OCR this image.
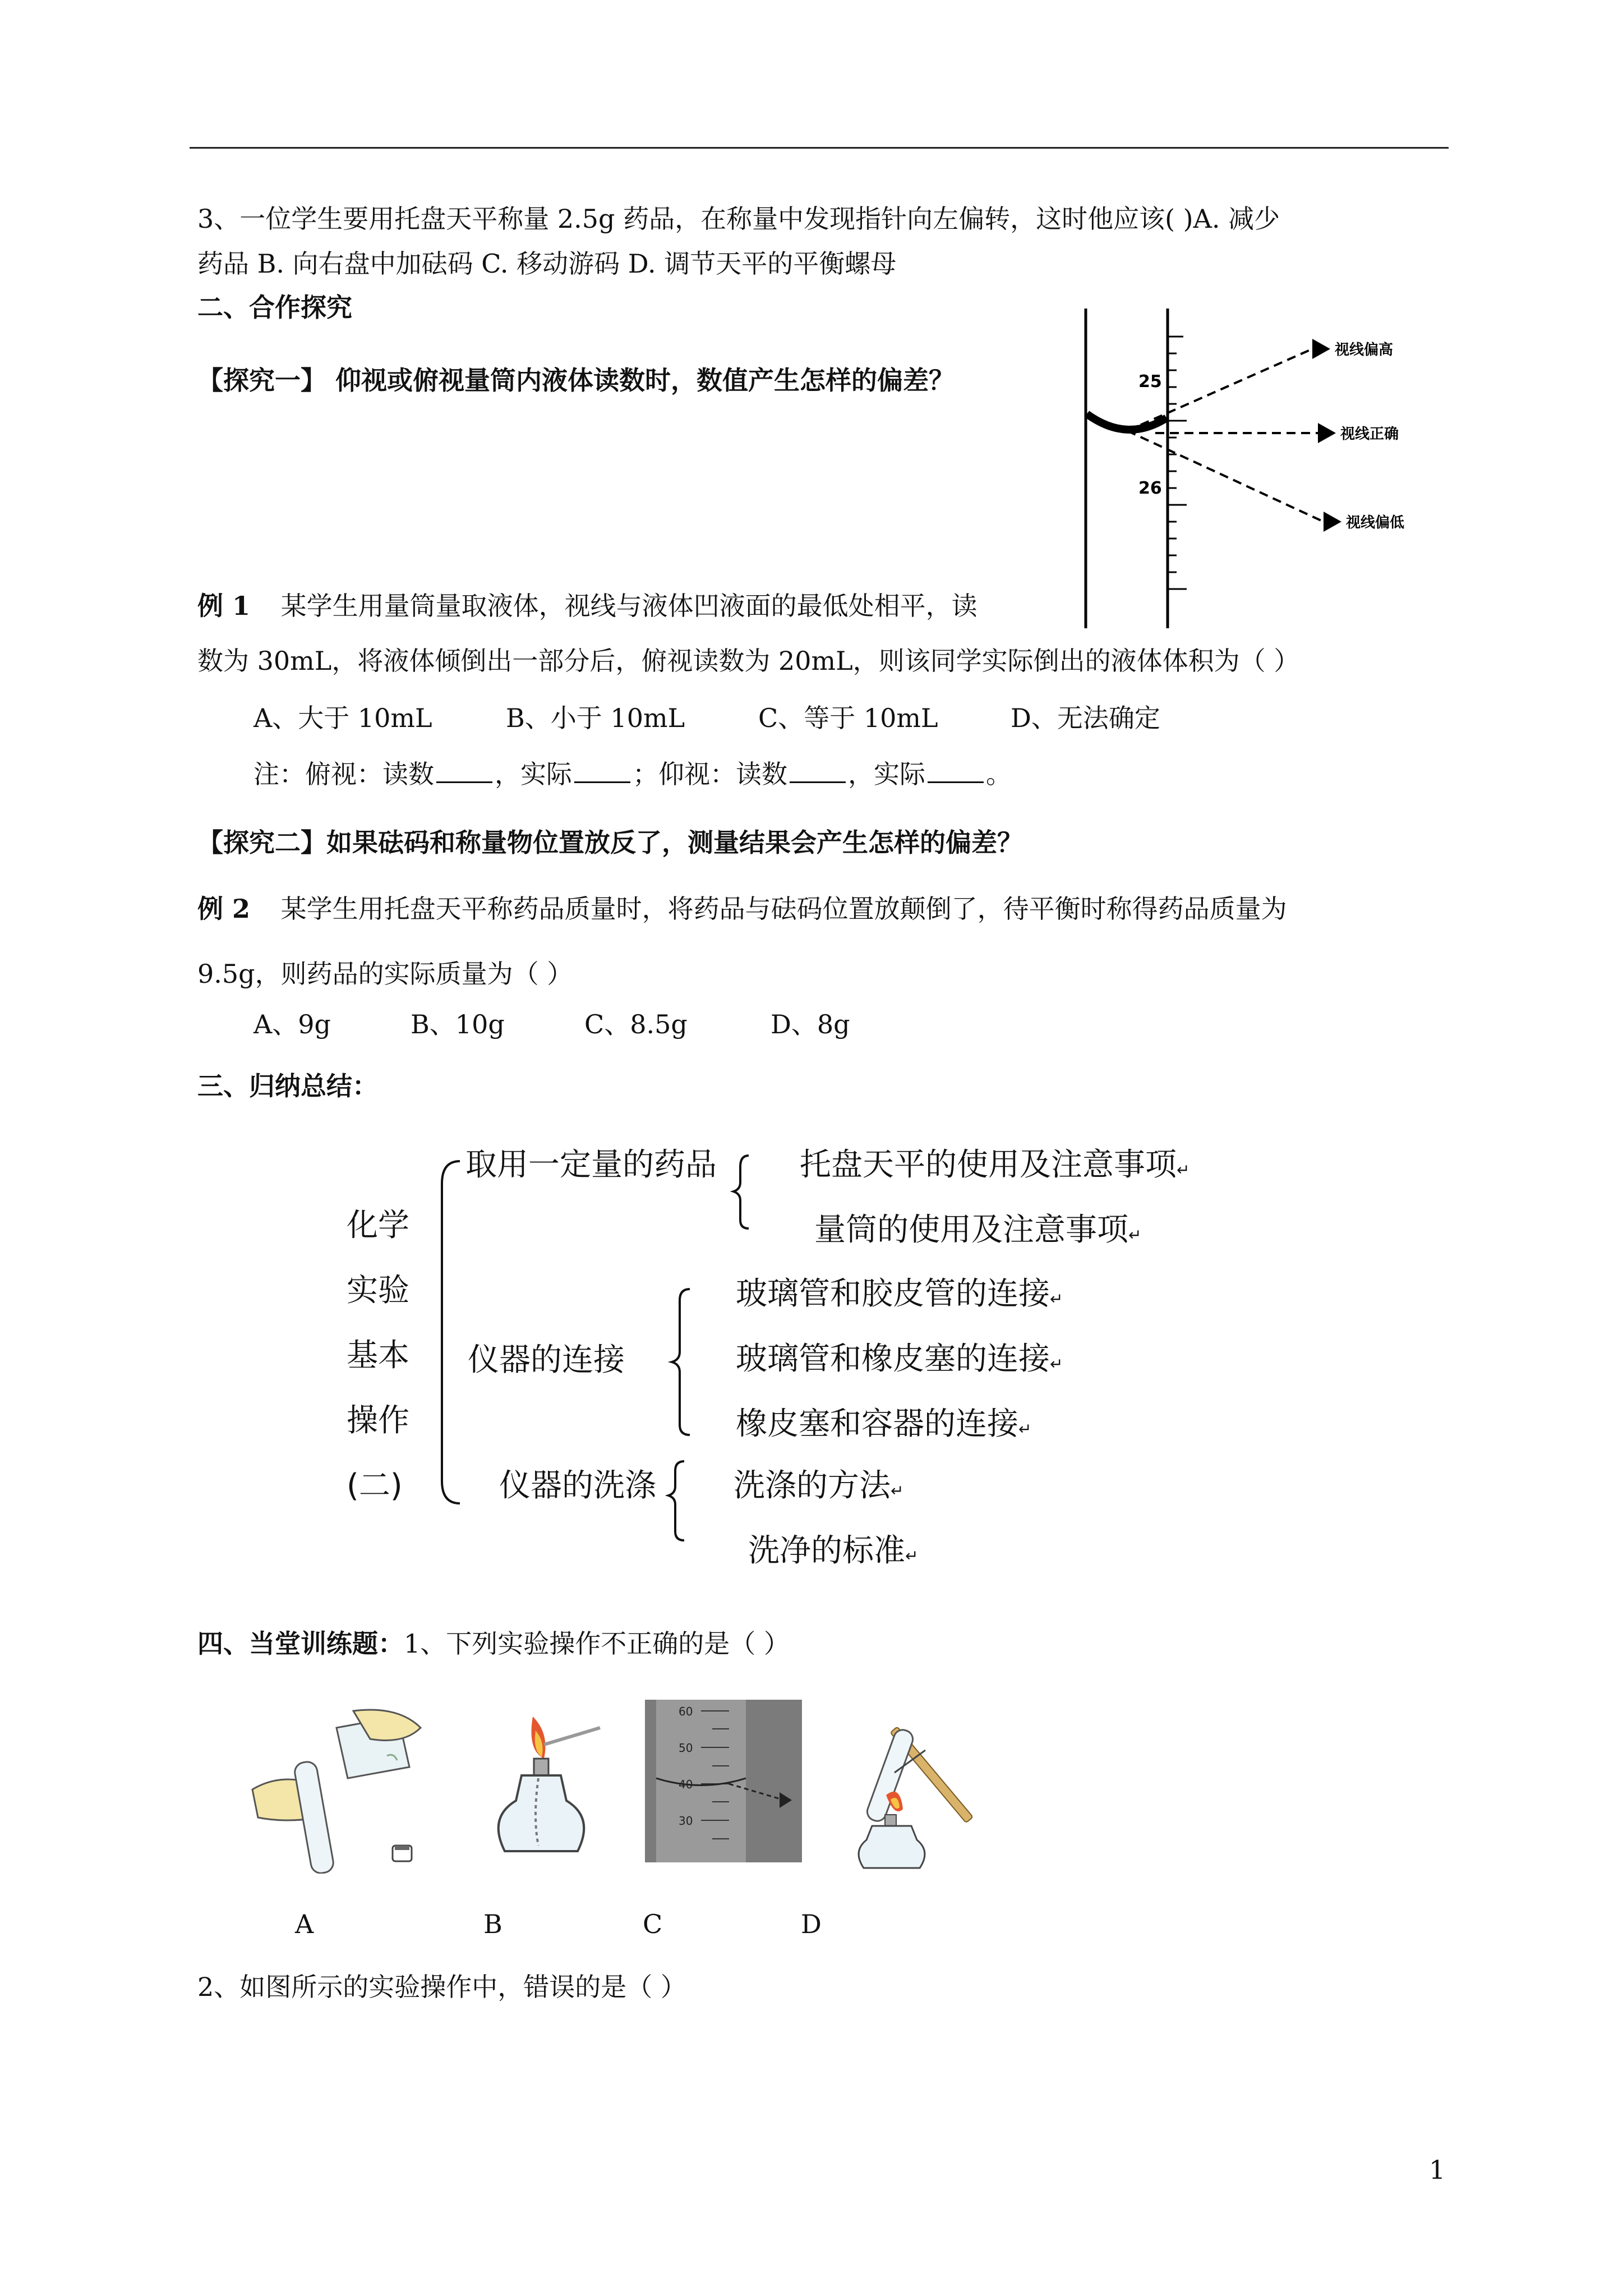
3、一位学生要用托盘天平称量 2.5g 药品，在称量中发现指针向左偏转，这时他应该( )A. 减少
药品 B. 向右盘中加砝码 C. 移动游码 D. 调节天平的平衡螺母
二、合作探究
【探究一】 仰视或俯视量筒内液体读数时，数值产生怎样的偏差？	25
26
视线偏高
视线正确
视线偏低
例 1 某学生用量筒量取液体，视线与液体凹液面的最低处相平，读
数为 30mL，将液体倾倒出一部分后，俯视读数为 20mL，则该同学实际倒出的液体体积为（ ）
A、大于 10mL	B、小于 10mL	C、等于 10mL	D、无法确定
注：俯视：读数 ，实际 ；仰视：读数 ，实际 。
【探究二】如果砝码和称量物位置放反了，测量结果会产生怎样的偏差？
例 2 某学生用托盘天平称药品质量时，将药品与砝码位置放颠倒了，待平衡时称得药品质量为
9.5g，则药品的实际质量为（ ）
A、9g	B、10g	C、8.5g	D、8g
三、归纳总结：
化学
实验
基本
操作
(二)
取用一定量的药品	托盘天平的使用及注意事项↵
量筒的使用及注意事项↵
仪器的连接
玻璃管和胶皮管的连接↵
玻璃管和橡皮塞的连接↵
橡皮塞和容器的连接↵
仪器的洗涤 洗涤的方法↵
洗净的标准↵
四、当堂训练题：1、下列实验操作不正确的是（ ）
60
50
40
30
A	B	C	D
2、如图所示的实验操作中，错误的是（ ）
1
